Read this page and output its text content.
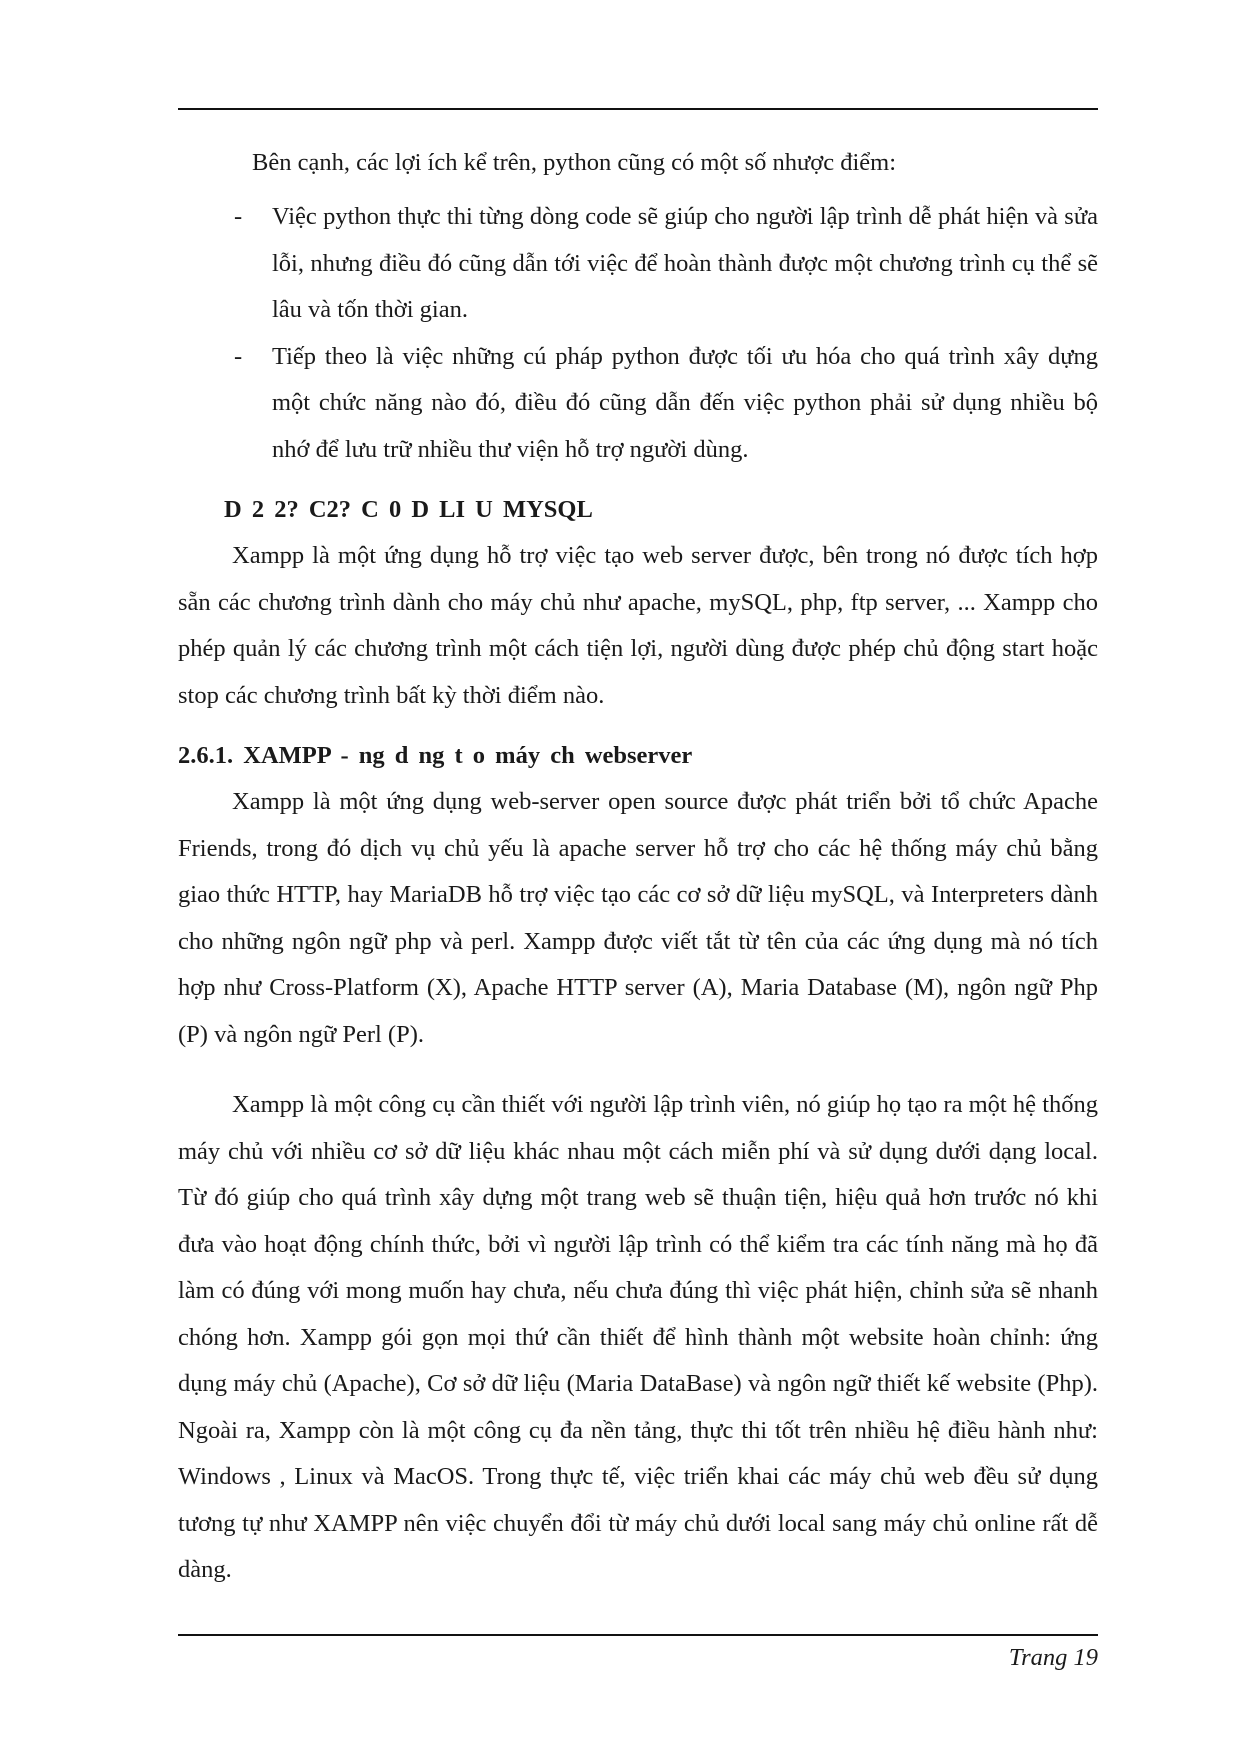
Bên cạnh, các lợi ích kể trên, python cũng có một số nhược điểm:

- Việc python thực thi từng dòng code sẽ giúp cho người lập trình dễ phát hiện và sửa lỗi, nhưng điều đó cũng dẫn tới việc để hoàn thành được một chương trình cụ thể sẽ lâu và tốn thời gian.
- Tiếp theo là việc những cú pháp python được tối ưu hóa cho quá trình xây dựng một chức năng nào đó, điều đó cũng dẫn đến việc python phải sử dụng nhiều bộ nhớ để lưu trữ nhiều thư viện hỗ trợ người dùng.

D 2 2? C2? C 0 D LI U MYSQL

Xampp là một ứng dụng hỗ trợ việc tạo web server được, bên trong nó được tích hợp sẵn các chương trình dành cho máy chủ như apache, mySQL, php, ftp server, ... Xampp cho phép quản lý các chương trình một cách tiện lợi, người dùng được phép chủ động start hoặc stop các chương trình bất kỳ thời điểm nào.

2.6.1. XAMPP - ng d ng t o máy ch webserver

Xampp là một ứng dụng web-server open source được phát triển bởi tổ chức Apache Friends, trong đó dịch vụ chủ yếu là apache server hỗ trợ cho các hệ thống máy chủ bằng giao thức HTTP, hay MariaDB hỗ trợ việc tạo các cơ sở dữ liệu mySQL, và Interpreters dành cho những ngôn ngữ php và perl. Xampp được viết tắt từ tên của các ứng dụng mà nó tích hợp như Cross-Platform (X), Apache HTTP server (A), Maria Database (M), ngôn ngữ Php (P) và ngôn ngữ Perl (P).

Xampp là một công cụ cần thiết với người lập trình viên, nó giúp họ tạo ra một hệ thống máy chủ với nhiều cơ sở dữ liệu khác nhau một cách miễn phí và sử dụng dưới dạng local. Từ đó giúp cho quá trình xây dựng một trang web sẽ thuận tiện, hiệu quả hơn trước nó khi đưa vào hoạt động chính thức, bởi vì người lập trình có thể kiểm tra các tính năng mà họ đã làm có đúng với mong muốn hay chưa, nếu chưa đúng thì việc phát hiện, chỉnh sửa sẽ nhanh chóng hơn. Xampp gói gọn mọi thứ cần thiết để hình thành một website hoàn chỉnh: ứng dụng máy chủ (Apache), Cơ sở dữ liệu (Maria DataBase) và ngôn ngữ thiết kế website (Php). Ngoài ra, Xampp còn là một công cụ đa nền tảng, thực thi tốt trên nhiều hệ điều hành như: Windows , Linux và MacOS. Trong thực tế, việc triển khai các máy chủ web đều sử dụng tương tự như XAMPP nên việc chuyển đổi từ máy chủ dưới local sang máy chủ online rất dễ dàng.

Trang 19
